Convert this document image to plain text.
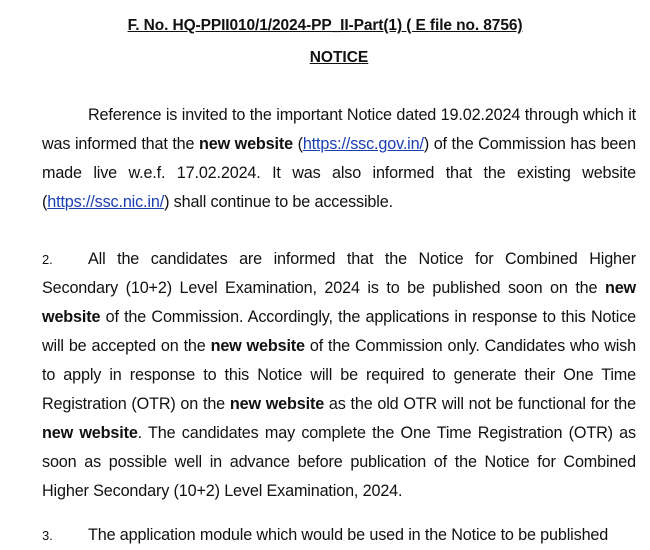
F. No. HQ-PPII010/1/2024-PP_II-Part(1) ( E file no. 8756)
NOTICE

Reference is invited to the important Notice dated 19.02.2024 through which it was informed that the new website (https://ssc.gov.in/) of the Commission has been made live w.e.f. 17.02.2024. It was also informed that the existing website (https://ssc.nic.in/) shall continue to be accessible.

2. All the candidates are informed that the Notice for Combined Higher Secondary (10+2) Level Examination, 2024 is to be published soon on the new website of the Commission. Accordingly, the applications in response to this Notice will be accepted on the new website of the Commission only. Candidates who wish to apply in response to this Notice will be required to generate their One Time Registration (OTR) on the new website as the old OTR will not be functional for the new website. The candidates may complete the One Time Registration (OTR) as soon as possible well in advance before publication of the Notice for Combined Higher Secondary (10+2) Level Examination, 2024.

3. The application module which would be used in the Notice to be published
